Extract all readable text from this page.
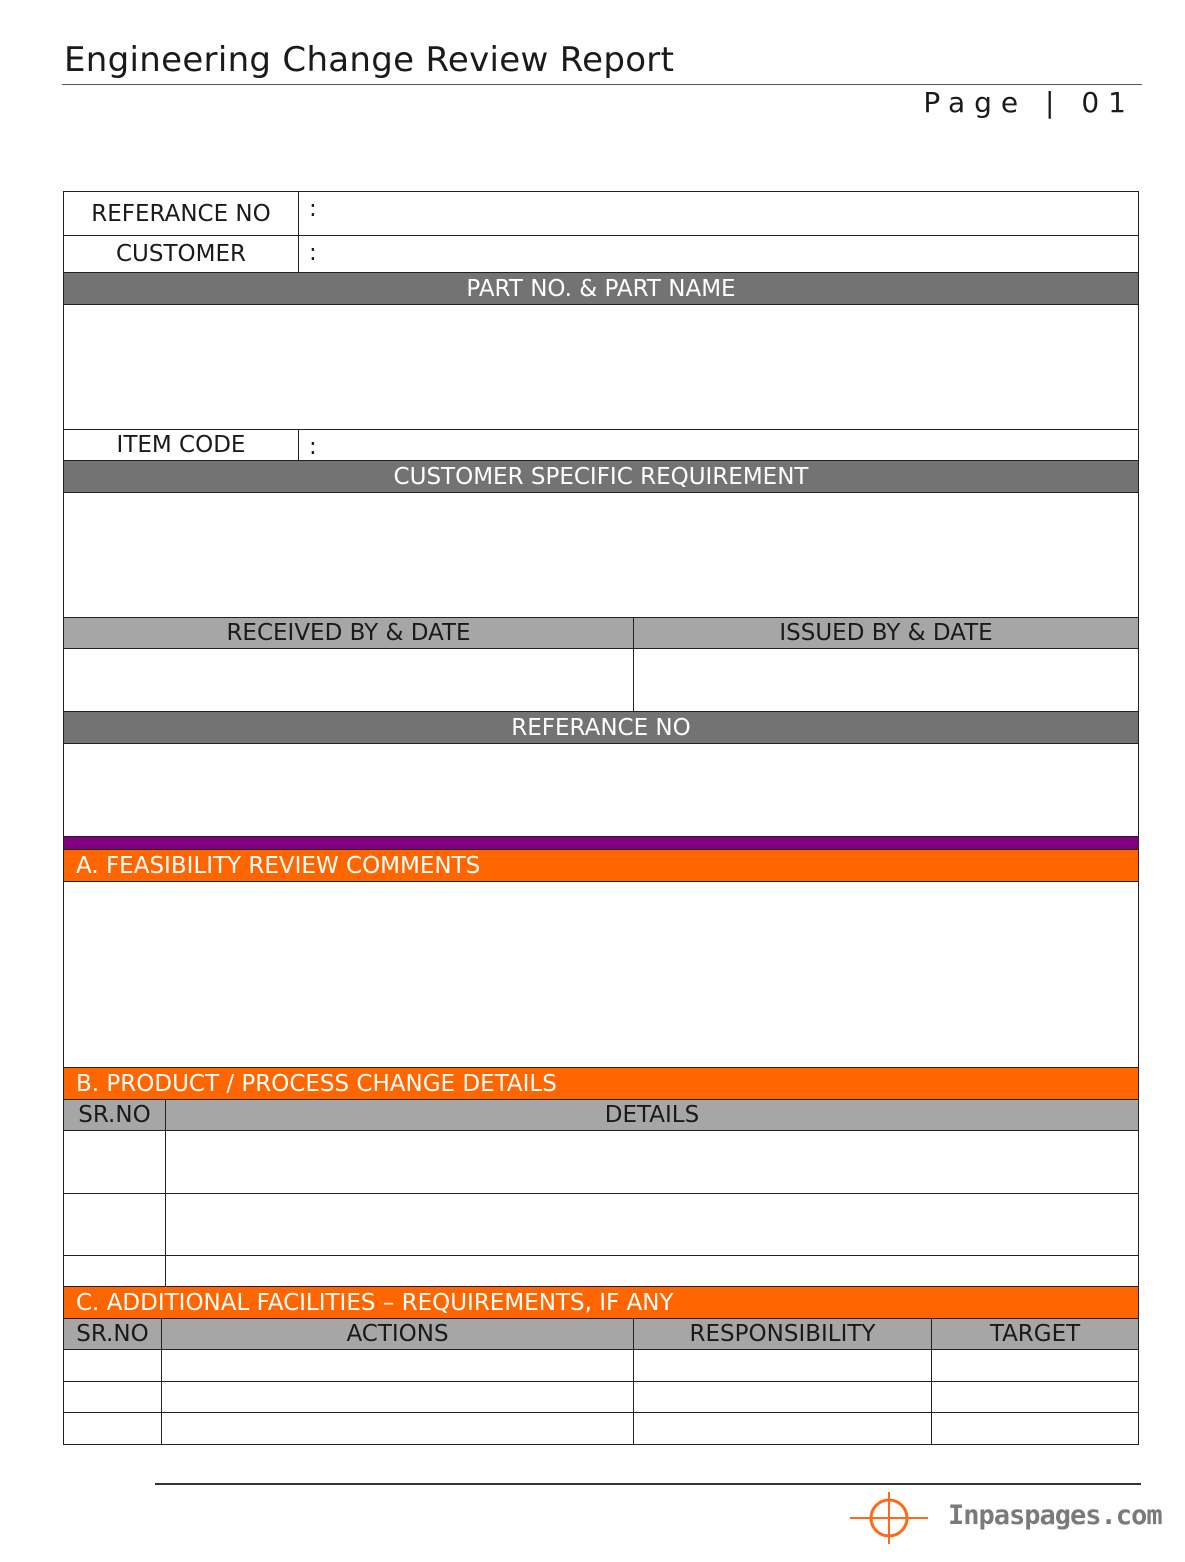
Engineering Change Review Report
Page | 01
REFERANCE NO			:		
CUSTOMER			:		
PART NO. & PART NAME					

ITEM CODE			:		
CUSTOMER SPECIFIC REQUIREMENT					

RECEIVED BY & DATE				ISSUED BY & DATE	

REFERANCE NO					

A. FEASIBILITY REVIEW COMMENTS					

B. PRODUCT / PROCESS CHANGE DETAILS					
SR.NO		DETAILS			

C. ADDITIONAL FACILITIES – REQUIREMENTS, IF ANY					
SR.NO	ACTIONS			RESPONSIBILITY	TARGET

Inpaspages.com
